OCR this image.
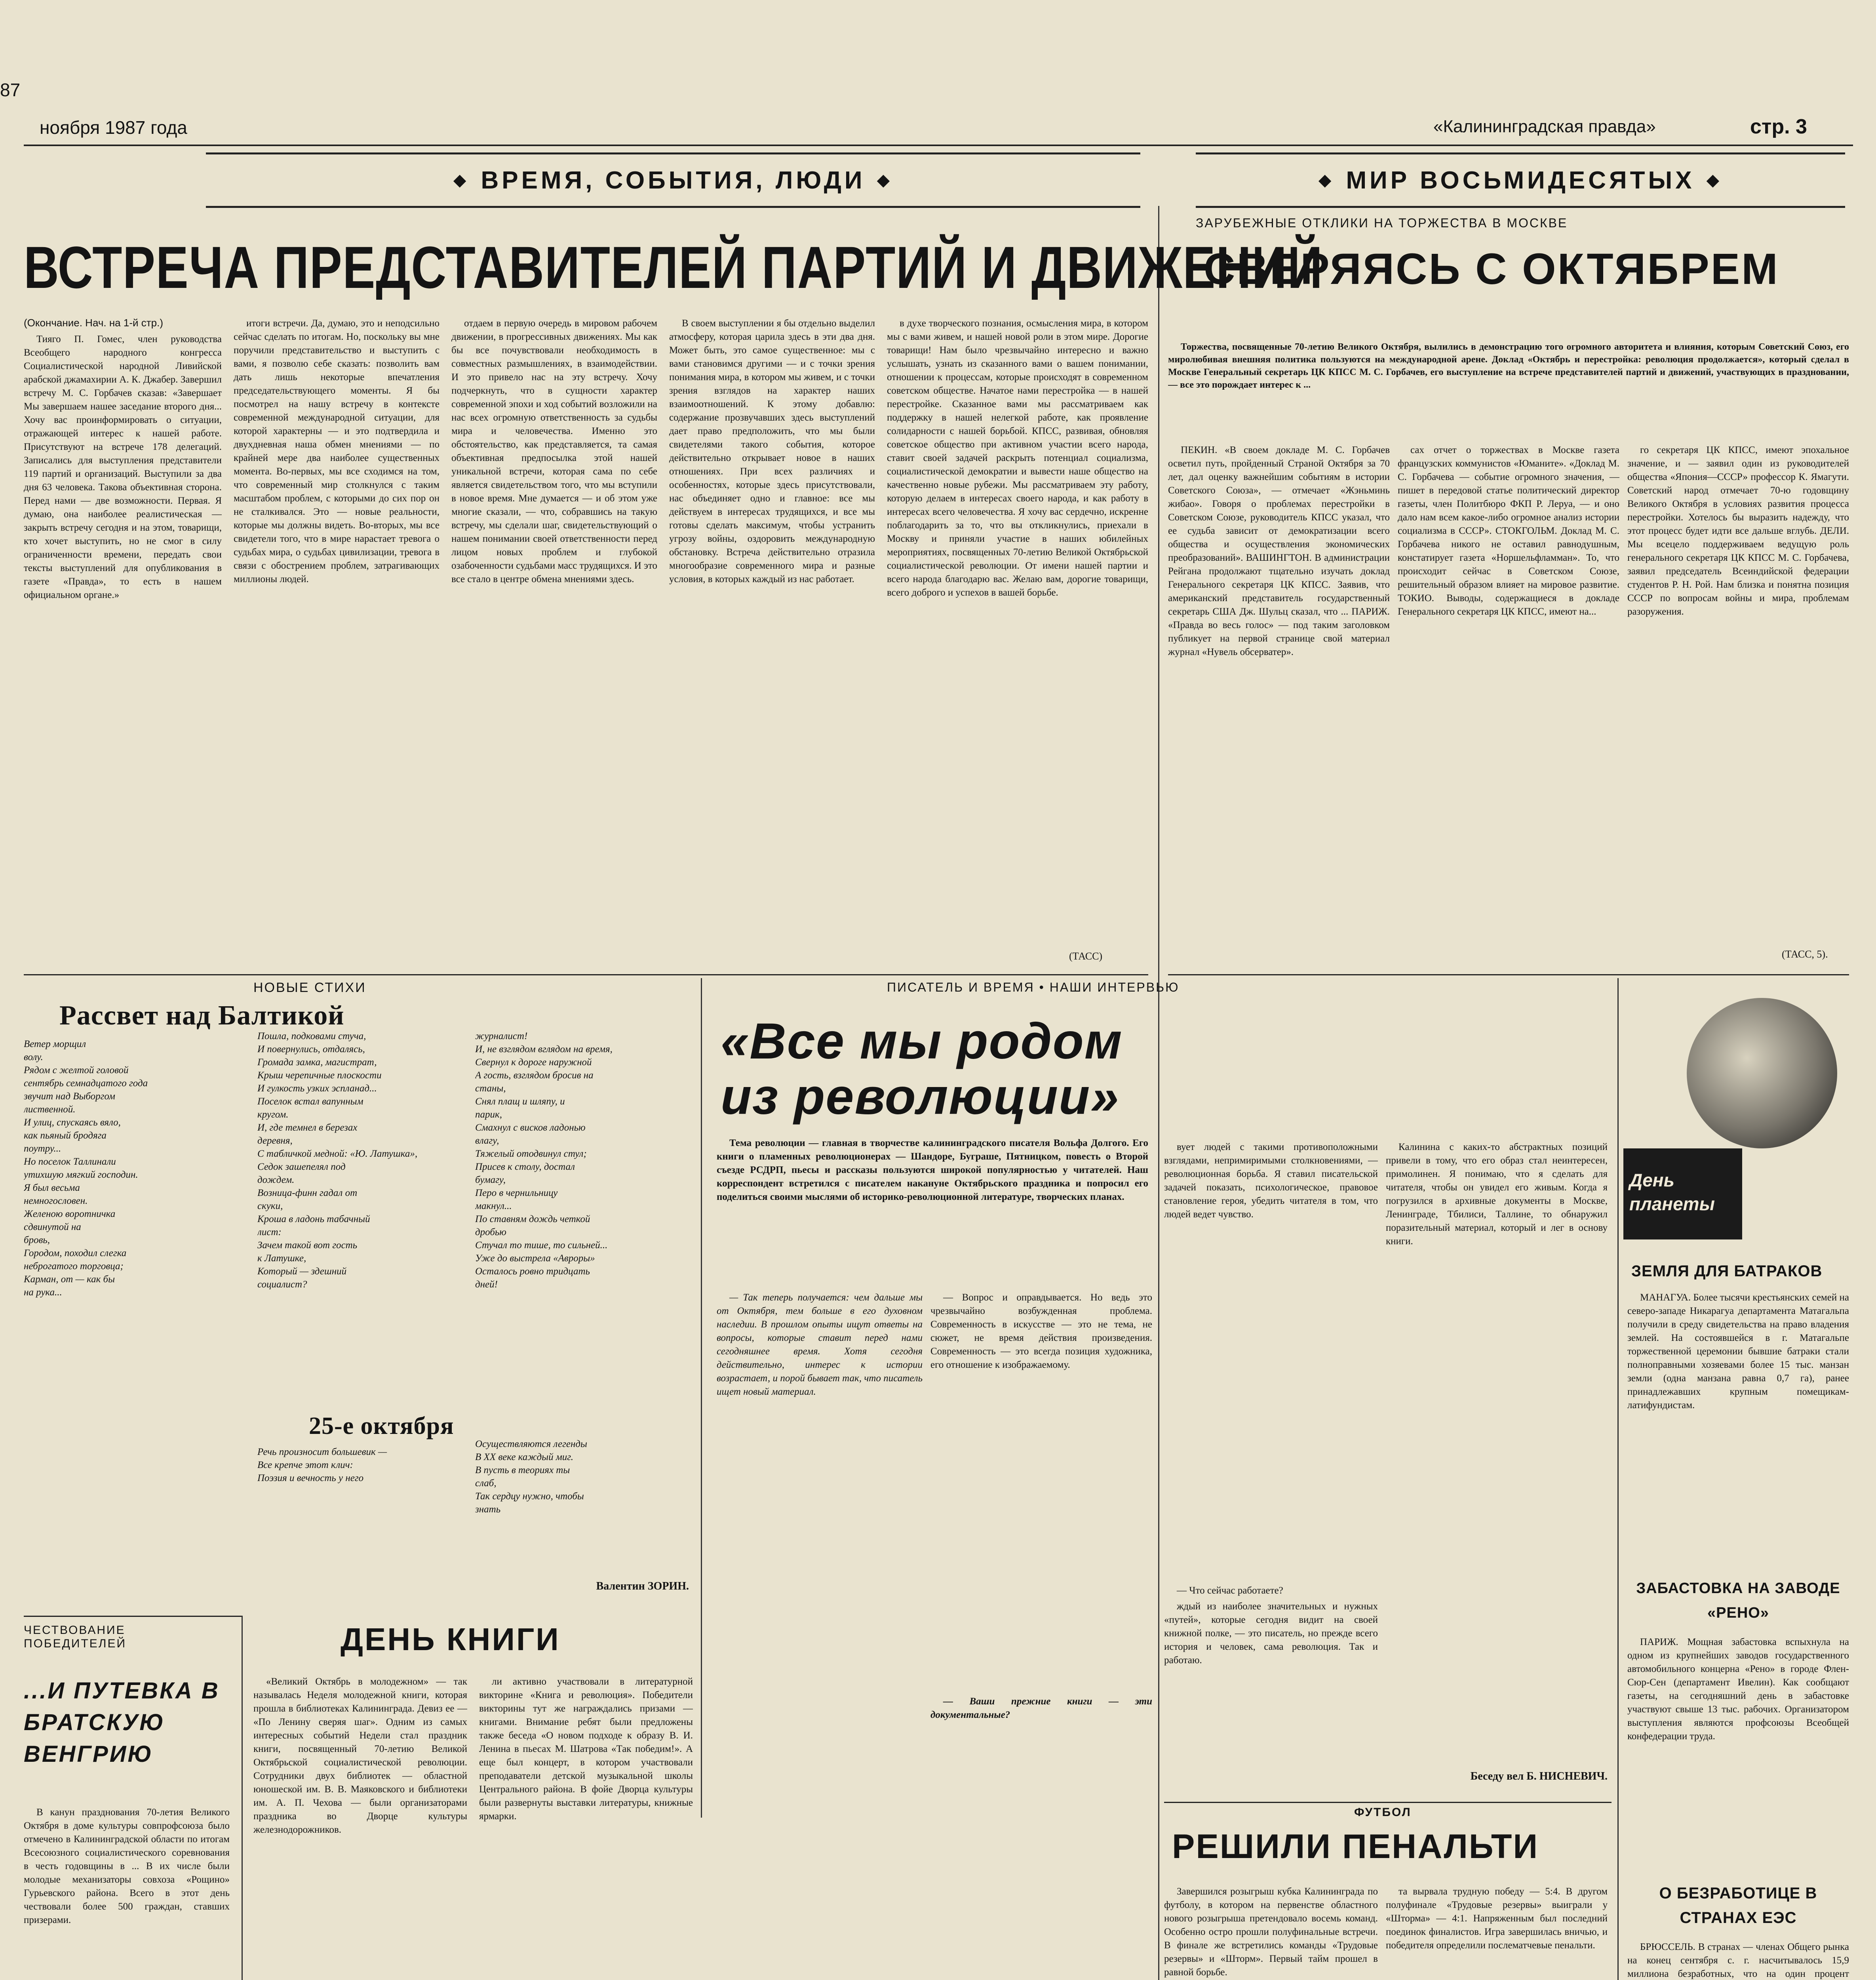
87
ноября 1987 года	«Калининградская правда»	стр. 3
◆ ВРЕМЯ, СОБЫТИЯ, ЛЮДИ ◆	◆ МИР ВОСЬМИДЕСЯТЫХ ◆
ВСТРЕЧА ПРЕДСТАВИТЕЛЕЙ ПАРТИЙ И ДВИЖЕНИЙ
(Окончание. Нач. на 1-й стр.)

Тияго П. Гомес, член руководства Всеобщего народного конгресса Социалистической народной Ливийской арабской джамахирии А. К. Джабер. Завершил встречу М. С. Горбачев сказав: «Завершает Мы завершаем нашее заседание второго дня... Хочу вас проинформировать о ситуации, отражающей интерес к нашей работе. Присутствуют на встрече 178 делегаций. Записались для выступления представители 119 партий и организаций. Выступили за два дня 63 человека. Такова объективная сторона. Перед нами — две возможности. Первая. Я думаю, она наиболее реалистическая — закрыть встречу сегодня и на этом, товарищи, кто хочет выступить, но не смог в силу ограниченности времени, передать свои тексты выступлений для опубликования в газете «Правда», то есть в нашем официальном органе.»

итоги встречи. Да, думаю, это и неподсильно сейчас сделать по итогам. Но, поскольку вы мне поручили представительство и выступить с вами, я позволю себе сказать: позволить вам дать лишь некоторые впечатления председательствующего моменты. Я бы посмотрел на нашу встречу в контексте современной международной ситуации, для которой характерны — и это подтвердила и двухдневная наша обмен мнениями — по крайней мере два наиболее существенных момента. Во-первых, мы все сходимся на том, что современный мир столкнулся с таким масштабом проблем, с которыми до сих пор он не сталкивался. Это — новые реальности, которые мы должны видеть. Во-вторых, мы все свидетели того, что в мире нарастает тревога о судьбах мира, о судьбах цивилизации, тревога в связи с обострением проблем, затрагивающих миллионы людей.

отдаем в первую очередь в мировом рабочем движении, в прогрессивных движениях. Мы как бы все почувствовали необходимость в совместных размышлениях, в взаимодействии. И это привело нас на эту встречу. Хочу подчеркнуть, что в сущности характер современной эпохи и ход событий возложили на нас всех огромную ответственность за судьбы мира и человечества. Именно это обстоятельство, как представляется, та самая объективная предпосылка этой нашей уникальной встречи, которая сама по себе является свидетельством того, что мы вступили в новое время. Мне думается — и об этом уже многие сказали, — что, собравшись на такую встречу, мы сделали шаг, свидетельствующий о нашем понимании своей ответственности перед лицом новых проблем и глубокой озабоченности судьбами масс трудящихся. И это все стало в центре обмена мнениями здесь.

В своем выступлении я бы отдельно выделил атмосферу, которая царила здесь в эти два дня. Может быть, это самое существенное: мы с вами становимся другими — и с точки зрения понимания мира, в котором мы живем, и с точки зрения взглядов на характер наших взаимоотношений. К этому добавлю: содержание прозвучавших здесь выступлений дает право предположить, что мы были свидетелями такого события, которое действительно открывает новое в наших отношениях. При всех различиях и особенностях, которые здесь присутствовали, нас объединяет одно и главное: все мы действуем в интересах трудящихся, и все мы готовы сделать максимум, чтобы устранить угрозу войны, оздоровить международную обстановку. Встреча действительно отразила многообразие современного мира и разные условия, в которых каждый из нас работает.

в духе творческого познания, осмысления мира, в котором мы с вами живем, и нашей новой роли в этом мире. Дорогие товарищи! Нам было чрезвычайно интересно и важно услышать, узнать из сказанного вами о вашем понимании, отношении к процессам, которые происходят в современном советском обществе. Начатое нами перестройка — в нашей перестройке. Сказанное вами мы рассматриваем как поддержку в нашей нелегкой работе, как проявление солидарности с нашей борьбой. КПСС, развивая, обновляя советское общество при активном участии всего народа, ставит своей задачей раскрыть потенциал социализма, социалистической демократии и вывести наше общество на качественно новые рубежи. Мы рассматриваем эту работу, которую делаем в интересах своего народа, и как работу в интересах всего человечества. Я хочу вас сердечно, искренне поблагодарить за то, что вы откликнулись, приехали в Москву и приняли участие в наших юбилейных мероприятиях, посвященных 70-летию Великой Октябрьской социалистической революции. От имени нашей партии и всего народа благодарю вас. Желаю вам, дорогие товарищи, всего доброго и успехов в вашей борьбе.

(ТАСС)
НОВЫЕ СТИХИ
Рассвет над Балтикой
Ветер морщил
волу.
Рядом с желтой головой
сентябрь семнадцатого года
звучит над Выборгом
лиственной.
И улиц, спускаясь вяло,
как пьяный бродяга
поутру...
Но поселок Таллинали
утихшую мягкий господин.
Я был весьма
немногословен.
Желеною воротничка
сдвинутой на
бровь,
Городом, походил слегка
неброгатого торговца;
Карман, от — как бы
на рука...
Пошла, подковами стуча,
И повернулись, отдалясь,
Громада замка, магистрат,
Крыш черепичные плоскости
И гулкость узких эспланад...
Поселок встал вапунным
кругом.
И, где темнел в березах
деревня,
С табличкой медной: «Ю. Латушка»,
Седок зашепелял под
дождем.
Возница-финн гадал от
скуки,
Кроша в ладонь табачный
лист:
Зачем такой вот гость
к Латушке,
Который — здешний
социалист?
журналист!
И, не взглядом вглядом на время,
Свернул к дороге наружной
А гость, взглядом бросив на
станы,
Снял плащ и шляпу, и
парик,
Смахнул с висков ладонью
влагу,
Тяжелый отодвинул стул;
Присев к столу, достал
бумагу,
Перо в чернильницу
макнул...
По ставням дождь четкой
дробью
Стучал то тише, то сильней...
Уже до выстрела «Авроры»
Осталось ровно тридцать
дней!
25-е октября
Речь произносит большевик —
Все крепче этот клич:
Поэзия и вечность у него
Осуществляются легенды
В XX веке каждый миг.
В пусть в теориях ты
слаб,
Так сердцу нужно, чтобы
знать
Валентин ЗОРИН.
ЧЕСТВОВАНИЕ ПОБЕДИТЕЛЕЙ
...И ПУТЕВКА В БРАТСКУЮ ВЕНГРИЮ

В канун празднования 70-летия Великого Октября в доме культуры совпрофсоюза было отмечено в Калининградской области по итогам Всесоюзного социалистического соревнования в честь годовщины в ... В их числе были молодые механизаторы совхоза «Рощино» Гурьевского района. Всего в этот день чествовали более 500 граждан, ставших призерами.

ДЕНЬ КНИГИ

«Великий Октябрь в молодежном» — так называлась Неделя молодежной книги, которая прошла в библиотеках Калининграда. Девиз ее — «По Ленину сверяя шаг». Одним из самых интересных событий Недели стал праздник книги, посвященный 70-летию Великой Октябрьской социалистической революции. Сотрудники двух библиотек — областной юношеской им. В. В. Маяковского и библиотеки им. А. П. Чехова — были организаторами праздника во Дворце культуры железнодорожников.

ли активно участвовали в литературной викторине «Книга и революция». Победители викторины тут же награждались призами — книгами. Внимание ребят были предложены также беседа «О новом подходе к образу В. И. Ленина в пьесах М. Шатрова «Так победим!». А еще был концерт, в котором участвовали преподаватели детской музыкальной школы Центрального района. В фойе Дворца культуры были развернуты выставки литературы, книжные ярмарки.

ПИСАТЕЛЬ И ВРЕМЯ • НАШИ ИНТЕРВЬЮ
«Все мы родом из революции»

Тема революции — главная в творчестве калининградского писателя Вольфа Долгого. Его книги о пламенных революционерах — Шандоре, Буграше, Пятницком, повесть о Второй съезде РСДРП, пьесы и рассказы пользуются широкой популярностью у читателей. Наш корреспондент встретился с писателем накануне Октябрьского праздника и попросил его поделиться своими мыслями об историко-революционной литературе, творческих планах.

— Так теперь получается: чем дальше мы от Октября, тем больше в его духовном наследии. В прошлом опыты ищут ответы на вопросы, которые ставит перед нами сегодняшнее время. Хотя сегодня действительно, интерес к истории возрастает, и порой бывает так, что писатель ищет новый материал.

— Вопрос и оправдывается. Но ведь это чрезвычайно возбужденная проблема. Современность в искусстве — это не тема, не сюжет, не время действия произведения. Современность — это всегда позиция художника, его отношение к изображаемому.

— Ваши прежние книги — эти документальные?

вует людей с такими противоположными взглядами, непримиримыми столкновениями, — революционная борьба. Я ставил писательской задачей показать, психологическое, правовое становление героя, убедить читателя в том, что людей ведет чувство.

— Что сейчас работаете?

ждый из наиболее значительных и нужных «путей», которые сегодня видит на своей книжной полке, — это писатель, но прежде всего история и человек, сама революция. Так и работаю.

Калинина с каких-то абстрактных позиций привели в тому, что его образ стал неинтересен, примолинен. Я понимаю, что я сделать для читателя, чтобы он увидел его живым. Когда я погрузился в архивные документы в Москве, Ленинграде, Тбилиси, Таллине, то обнаружил поразительный материал, который и лег в основу книги.

Беседу вел Б. НИСНЕВИЧ.
ЗАРУБЕЖНЫЕ ОТКЛИКИ НА ТОРЖЕСТВА В МОСКВЕ
СВЕРЯЯСЬ С ОКТЯБРЕМ

Торжества, посвященные 70-летию Великого Октября, вылились в демонстрацию того огромного авторитета и влияния, которым Советский Союз, его миролюбивая внешняя политика пользуются на международной арене. Доклад «Октябрь и перестройка: революция продолжается», который сделал в Москве Генеральный секретарь ЦК КПСС М. С. Горбачев, его выступление на встрече представителей партий и движений, участвующих в праздновании, — все это порождает интерес к ...

ПЕКИН. «В своем докладе М. С. Горбачев осветил путь, пройденный Страной Октября за 70 лет, дал оценку важнейшим событиям в истории Советского Союза», — отмечает «Жэньминь жибао». Говоря о проблемах перестройки в Советском Союзе, руководитель КПСС указал, что ее судьба зависит от демократизации всего общества и осуществления экономических преобразований». ВАШИНГТОН. В администрации Рейгана продолжают тщательно изучать доклад Генерального секретаря ЦК КПСС. Заявив, что американский представитель государственный секретарь США Дж. Шульц сказал, что ... ПАРИЖ. «Правда во весь голос» — под таким заголовком публикует на первой странице свой материал журнал «Нувель обсерватер».

сах отчет о торжествах в Москве газета французских коммунистов «Юманите». «Доклад М. С. Горбачева — событие огромного значения, — пишет в передовой статье политический директор газеты, член Политбюро ФКП Р. Леруа, — и оно дало нам всем какое-либо огромное анализ истории социализма в СССР». СТОКГОЛЬМ. Доклад М. С. Горбачева никого не оставил равнодушным, констатирует газета «Норшельфламман». То, что происходит сейчас в Советском Союзе, решительный образом влияет на мировое развитие. ТОКИО. Выводы, содержащиеся в докладе Генерального секретаря ЦК КПСС, имеют на...

го секретаря ЦК КПСС, имеют эпохальное значение, и — заявил один из руководителей общества «Япония—СССР» профессор К. Ямагути. Советский народ отмечает 70-ю годовщину Великого Октября в условиях развития процесса перестройки. Хотелось бы выразить надежду, что этот процесс будет идти все дальше вглубь. ДЕЛИ. Мы всецело поддерживаем ведущую роль генерального секретаря ЦК КПСС М. С. Горбачева, заявил председатель Всеиндийской федерации студентов Р. Н. Рой. Нам близка и понятна позиция СССР по вопросам войны и мира, проблемам разоружения.

(ТАСС, 5).
День планеты
ЗЕМЛЯ ДЛЯ БАТРАКОВ

МАНАГУА. Более тысячи крестьянских семей на северо-западе Никарагуа департамента Матагальпа получили в среду свидетельства на право владения землей. На состоявшейся в г. Матагальпе торжественной церемонии бывшие батраки стали полноправными хозяевами более 15 тыс. манзан земли (одна манзана равна 0,7 га), ранее принадлежавших крупным помещикам-латифундистам.

ЗАБАСТОВКА НА ЗАВОДЕ «РЕНО»

ПАРИЖ. Мощная забастовка вспыхнула на одном из крупнейших заводов государственного автомобильного концерна «Рено» в городе Флен-Сюр-Сен (департамент Ивелин). Как сообщают газеты, на сегодняшний день в забастовке участвуют свыше 13 тыс. рабочих. Организатором выступления являются профсоюзы Всеобщей конфедерации труда.

О БЕЗРАБОТИЦЕ В СТРАНАХ ЕЭС

БРЮССЕЛЬ. В странах — членах Общего рынка на конец сентября с. г. насчитывалось 15,9 миллиона безработных, что на один процент

ФУТБОЛ
РЕШИЛИ ПЕНАЛЬТИ

Завершился розыгрыш кубка Калининграда по футболу, в котором на первенстве областного нового розыгрыша претендовало восемь команд. Особенно остро прошли полуфинальные встречи. В финале же встретились команды «Трудовые резервы» и «Шторм». Первый тайм прошел в равной борьбе.

та вырвала трудную победу — 5:4. В другом полуфинале «Трудовые резервы» выиграли у «Шторма» — 4:1. Напряженным был последний поединок финалистов. Игра завершилась вничью, и победителя определили послематчевые пенальти.
